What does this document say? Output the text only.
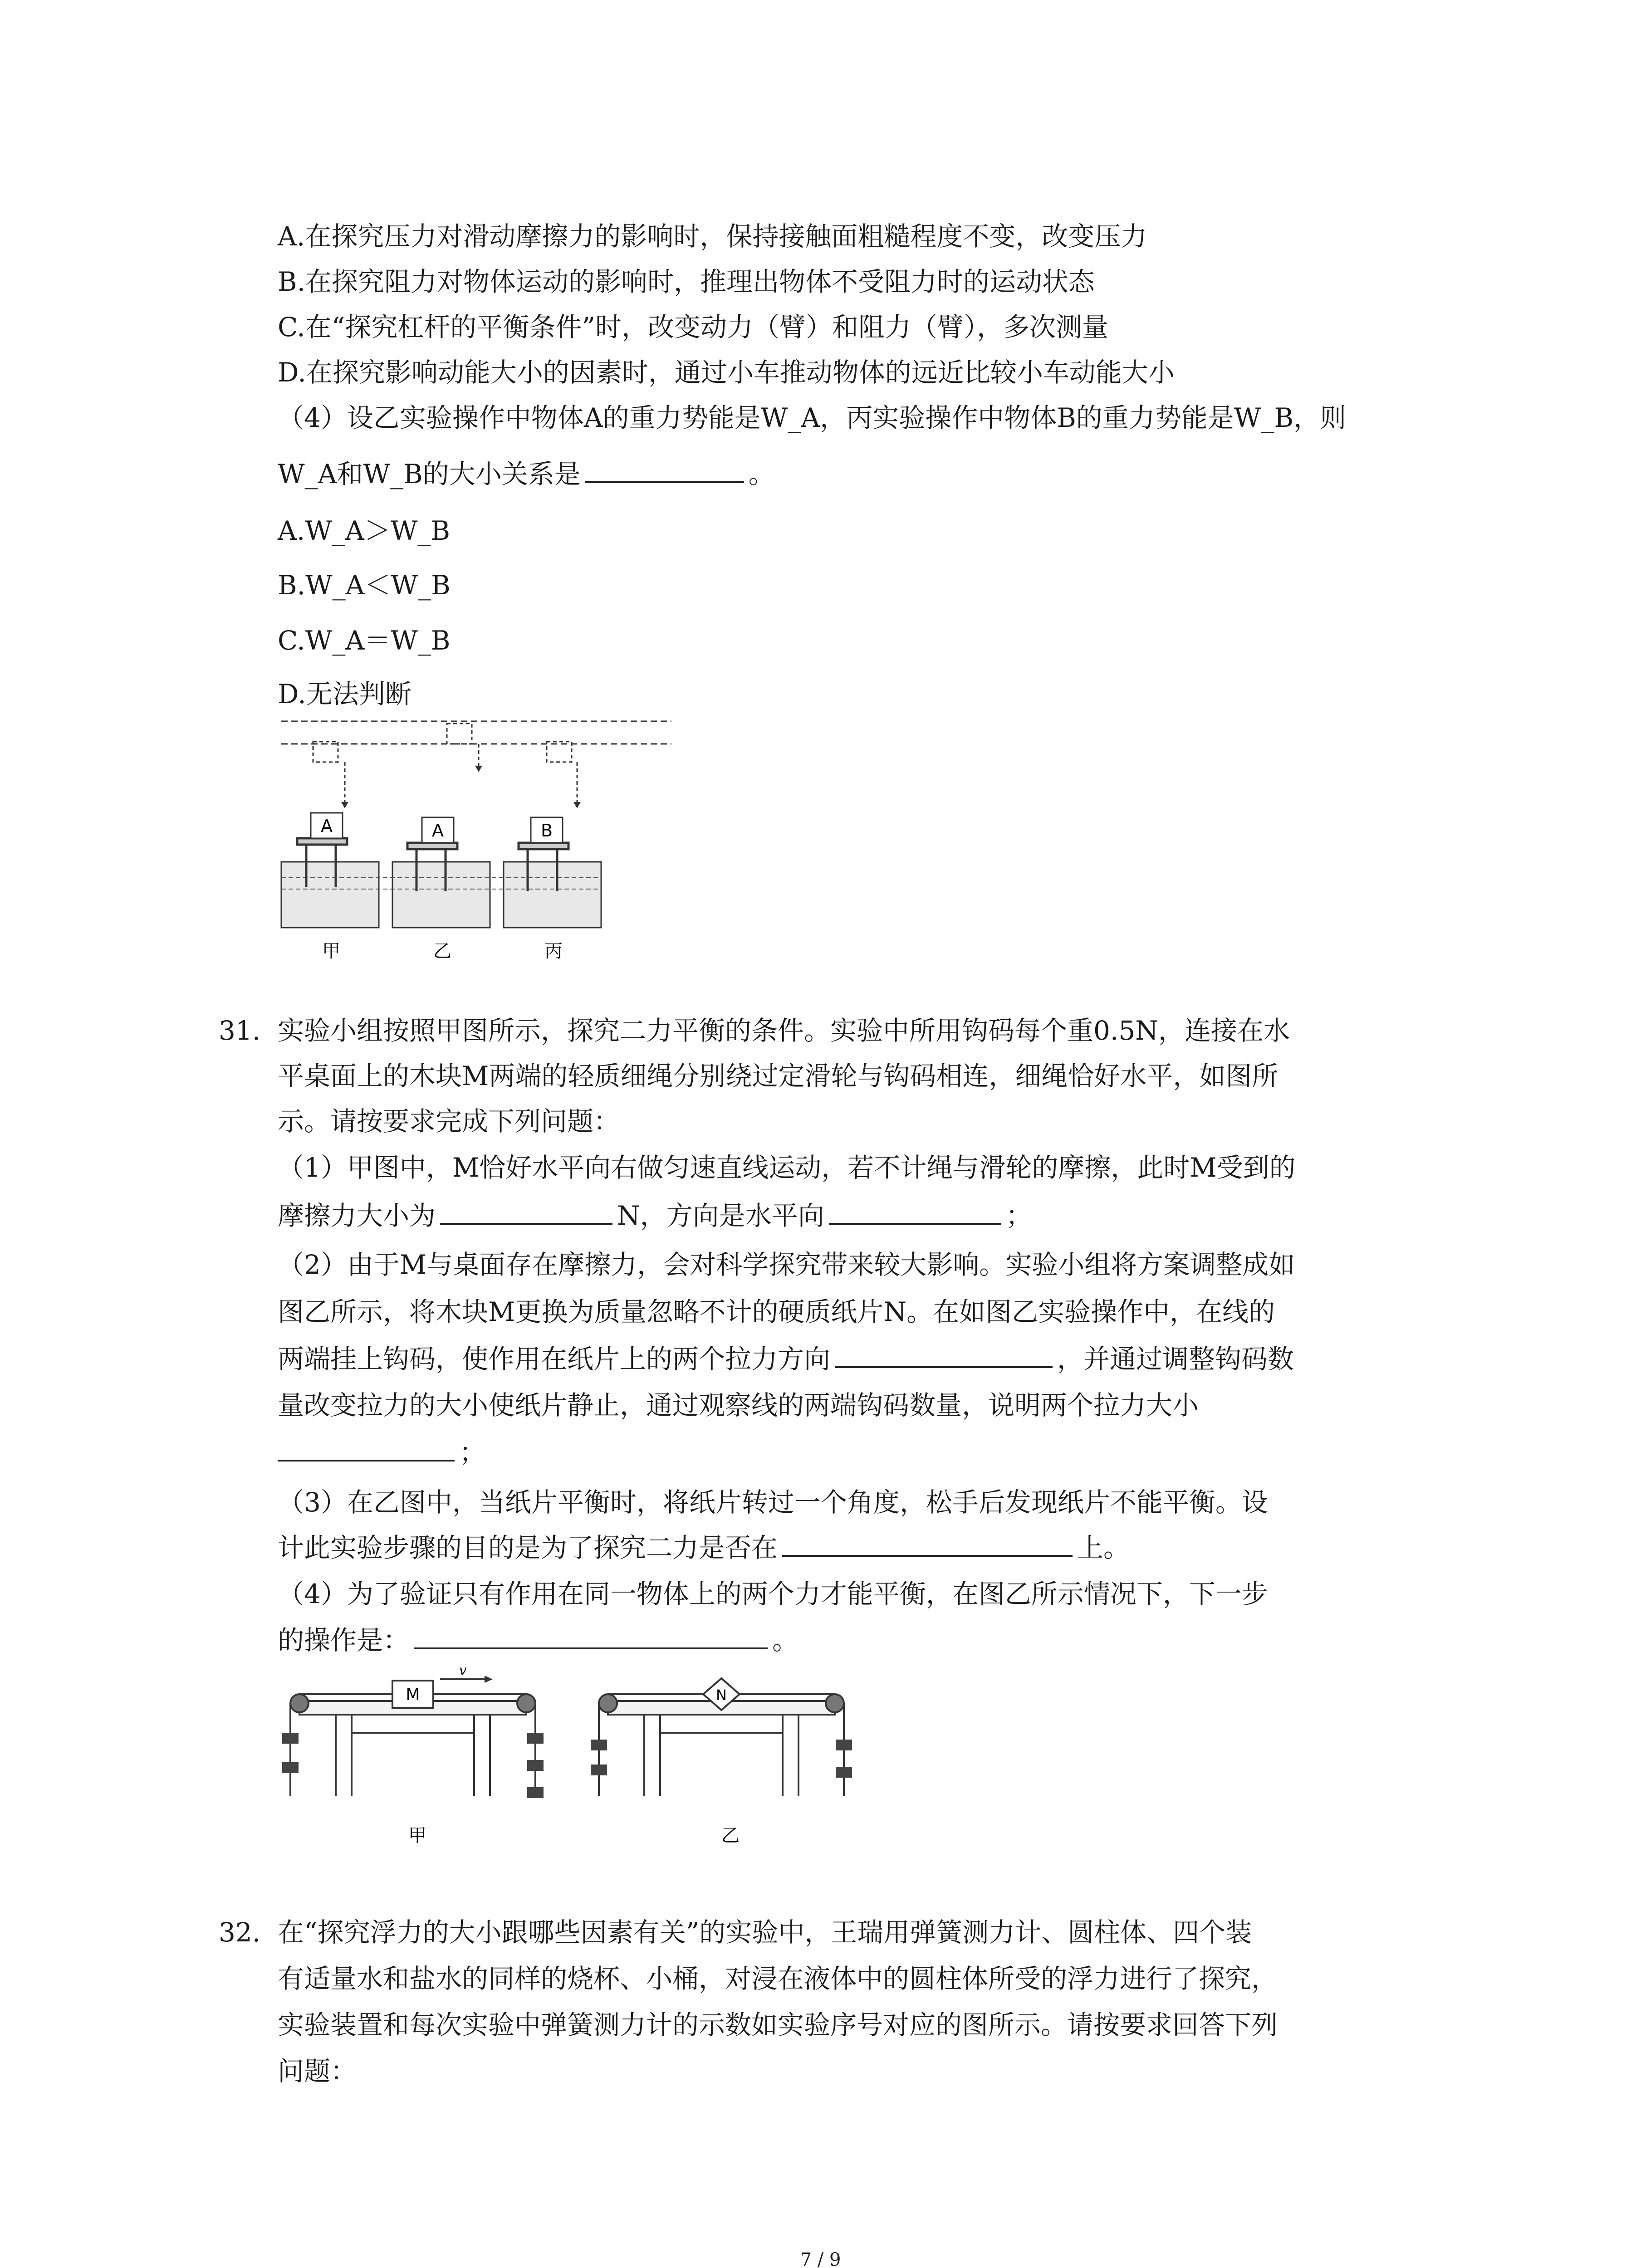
A.在探究压力对滑动摩擦力的影响时，保持接触面粗糙程度不变，改变压力
B.在探究阻力对物体运动的影响时，推理出物体不受阻力时的运动状态
C.在“探究杠杆的平衡条件”时，改变动力（臂）和阻力（臂），多次测量
D.在探究影响动能大小的因素时，通过小车推动物体的远近比较小车动能大小
（4）设乙实验操作中物体A的重力势能是W_A，丙实验操作中物体B的重力势能是W_B，则
W_A和W_B的大小关系是	。
A.W_A＞W_B
B.W_A＜W_B
C.W_A＝W_B
D.无法判断
A	A	B
甲	乙	丙
31. 实验小组按照甲图所示，探究二力平衡的条件。实验中所用钩码每个重0.5N，连接在水
平桌面上的木块M两端的轻质细绳分别绕过定滑轮与钩码相连，细绳恰好水平，如图所
示。请按要求完成下列问题：
（1）甲图中，M恰好水平向右做匀速直线运动，若不计绳与滑轮的摩擦，此时M受到的
摩擦力大小为	N，方向是水平向	；
（2）由于M与桌面存在摩擦力，会对科学探究带来较大影响。实验小组将方案调整成如
图乙所示，将木块M更换为质量忽略不计的硬质纸片N。在如图乙实验操作中，在线的
两端挂上钩码，使作用在纸片上的两个拉力方向	，并通过调整钩码数
量改变拉力的大小使纸片静止，通过观察线的两端钩码数量，说明两个拉力大小
；
（3）在乙图中，当纸片平衡时，将纸片转过一个角度，松手后发现纸片不能平衡。设
计此实验步骤的目的是为了探究二力是否在	上。
（4）为了验证只有作用在同一物体上的两个力才能平衡，在图乙所示情况下，下一步
的操作是：	。
M
v
N
甲	乙
32. 在“探究浮力的大小跟哪些因素有关”的实验中，王瑞用弹簧测力计、圆柱体、四个装
有适量水和盐水的同样的烧杯、小桶，对浸在液体中的圆柱体所受的浮力进行了探究，
实验装置和每次实验中弹簧测力计的示数如实验序号对应的图所示。请按要求回答下列
问题：
7 / 9
